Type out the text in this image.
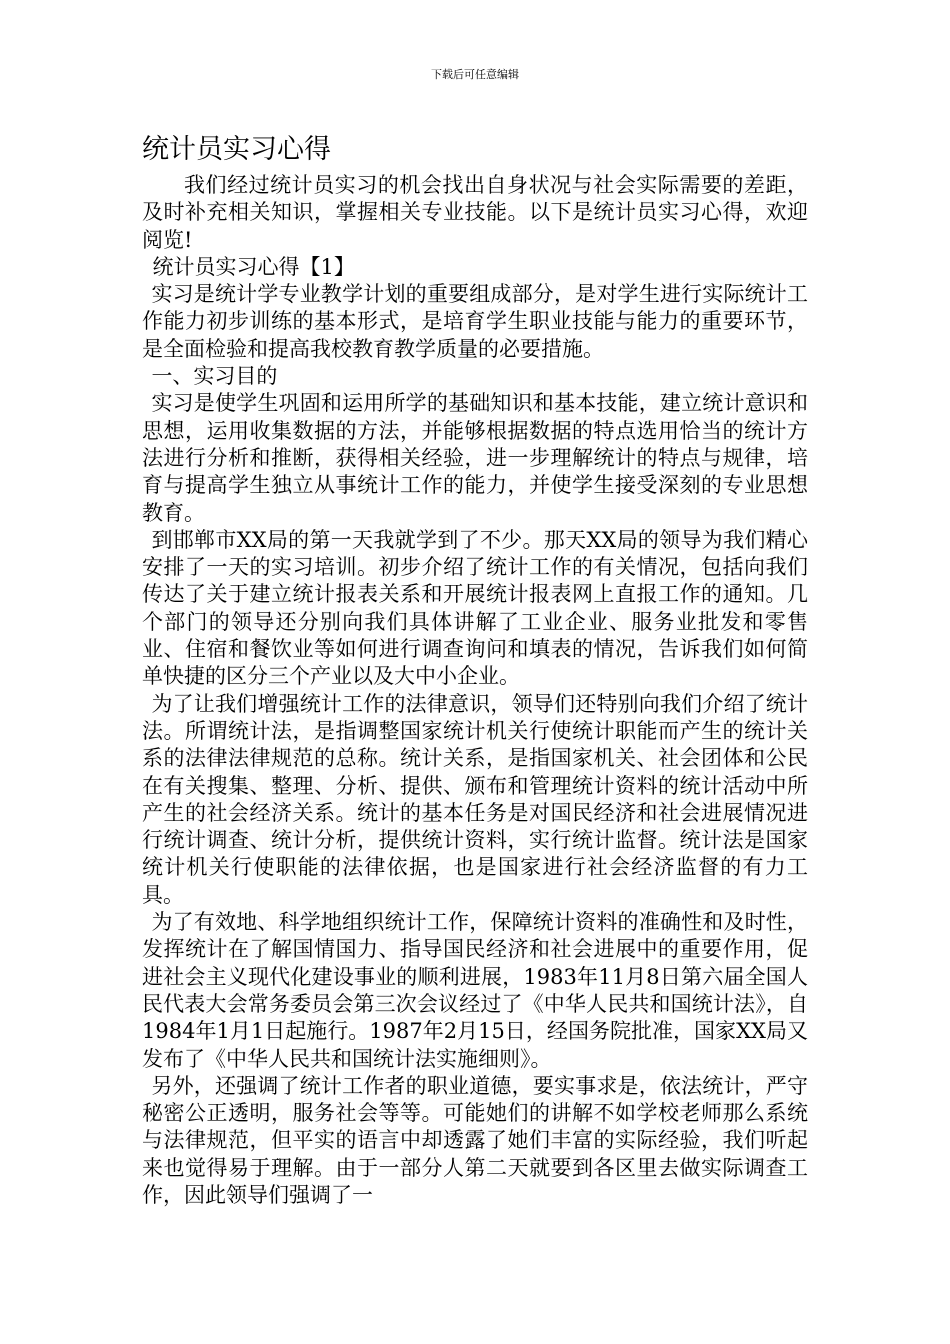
下载后可任意编辑
统计员实习心得

我们经过统计员实习的机会找出自身状况与社会实际需要的差距，及时补充相关知识，掌握相关专业技能。以下是统计员实习心得，欢迎阅览!

统计员实习心得【1】

实习是统计学专业教学计划的重要组成部分，是对学生进行实际统计工作能力初步训练的基本形式，是培育学生职业技能与能力的重要环节，是全面检验和提高我校教育教学质量的必要措施。

一、实习目的

实习是使学生巩固和运用所学的基础知识和基本技能，建立统计意识和思想，运用收集数据的方法，并能够根据数据的特点选用恰当的统计方法进行分析和推断，获得相关经验，进一步理解统计的特点与规律，培育与提高学生独立从事统计工作的能力，并使学生接受深刻的专业思想教育。

到邯郸市XX局的第一天我就学到了不少。那天XX局的领导为我们精心安排了一天的实习培训。初步介绍了统计工作的有关情况，包括向我们传达了关于建立统计报表关系和开展统计报表网上直报工作的通知。几个部门的领导还分别向我们具体讲解了工业企业、服务业批发和零售业、住宿和餐饮业等如何进行调查询问和填表的情况，告诉我们如何简单快捷的区分三个产业以及大中小企业。

为了让我们增强统计工作的法律意识，领导们还特别向我们介绍了统计法。所谓统计法，是指调整国家统计机关行使统计职能而产生的统计关系的法律法律规范的总称。统计关系，是指国家机关、社会团体和公民在有关搜集、整理、分析、提供、颁布和管理统计资料的统计活动中所产生的社会经济关系。统计的基本任务是对国民经济和社会进展情况进行统计调查、统计分析，提供统计资料，实行统计监督。统计法是国家统计机关行使职能的法律依据，也是国家进行社会经济监督的有力工具。

为了有效地、科学地组织统计工作，保障统计资料的准确性和及时性，发挥统计在了解国情国力、指导国民经济和社会进展中的重要作用，促进社会主义现代化建设事业的顺利进展，1983年11月8日第六届全国人民代表大会常务委员会第三次会议经过了《中华人民共和国统计法》，自1984年1月1日起施行。1987年2月15日，经国务院批准，国家XX局又发布了《中华人民共和国统计法实施细则》。

另外，还强调了统计工作者的职业道德，要实事求是，依法统计，严守秘密公正透明，服务社会等等。可能她们的讲解不如学校老师那么系统与法律规范，但平实的语言中却透露了她们丰富的实际经验，我们听起来也觉得易于理解。由于一部分人第二天就要到各区里去做实际调查工作，因此领导们强调了一
